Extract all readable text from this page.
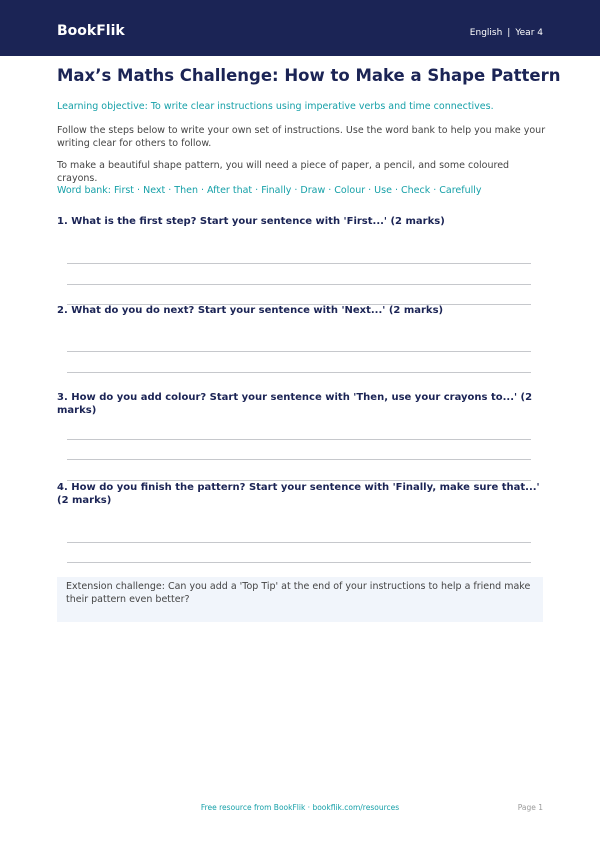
BookFlik	English | Year 4
Max’s Maths Challenge: How to Make a Shape Pattern

Learning objective: To write clear instructions using imperative verbs and time connectives.

Follow the steps below to write your own set of instructions. Use the word bank to help you make your writing clear for others to follow.

To make a beautiful shape pattern, you will need a piece of paper, a pencil, and some coloured crayons.

Word bank: First · Next · Then · After that · Finally · Draw · Colour · Use · Check · Carefully

1. What is the first step? Start your sentence with 'First...' (2 marks)

2. What do you do next? Start your sentence with 'Next...' (2 marks)

3. How do you add colour? Start your sentence with 'Then, use your crayons to...' (2 marks)

4. How do you finish the pattern? Start your sentence with 'Finally, make sure that...' (2 marks)

Extension challenge: Can you add a 'Top Tip' at the end of your instructions to help a friend make their pattern even better?
Free resource from BookFlik · bookflik.com/resources	Page 1
